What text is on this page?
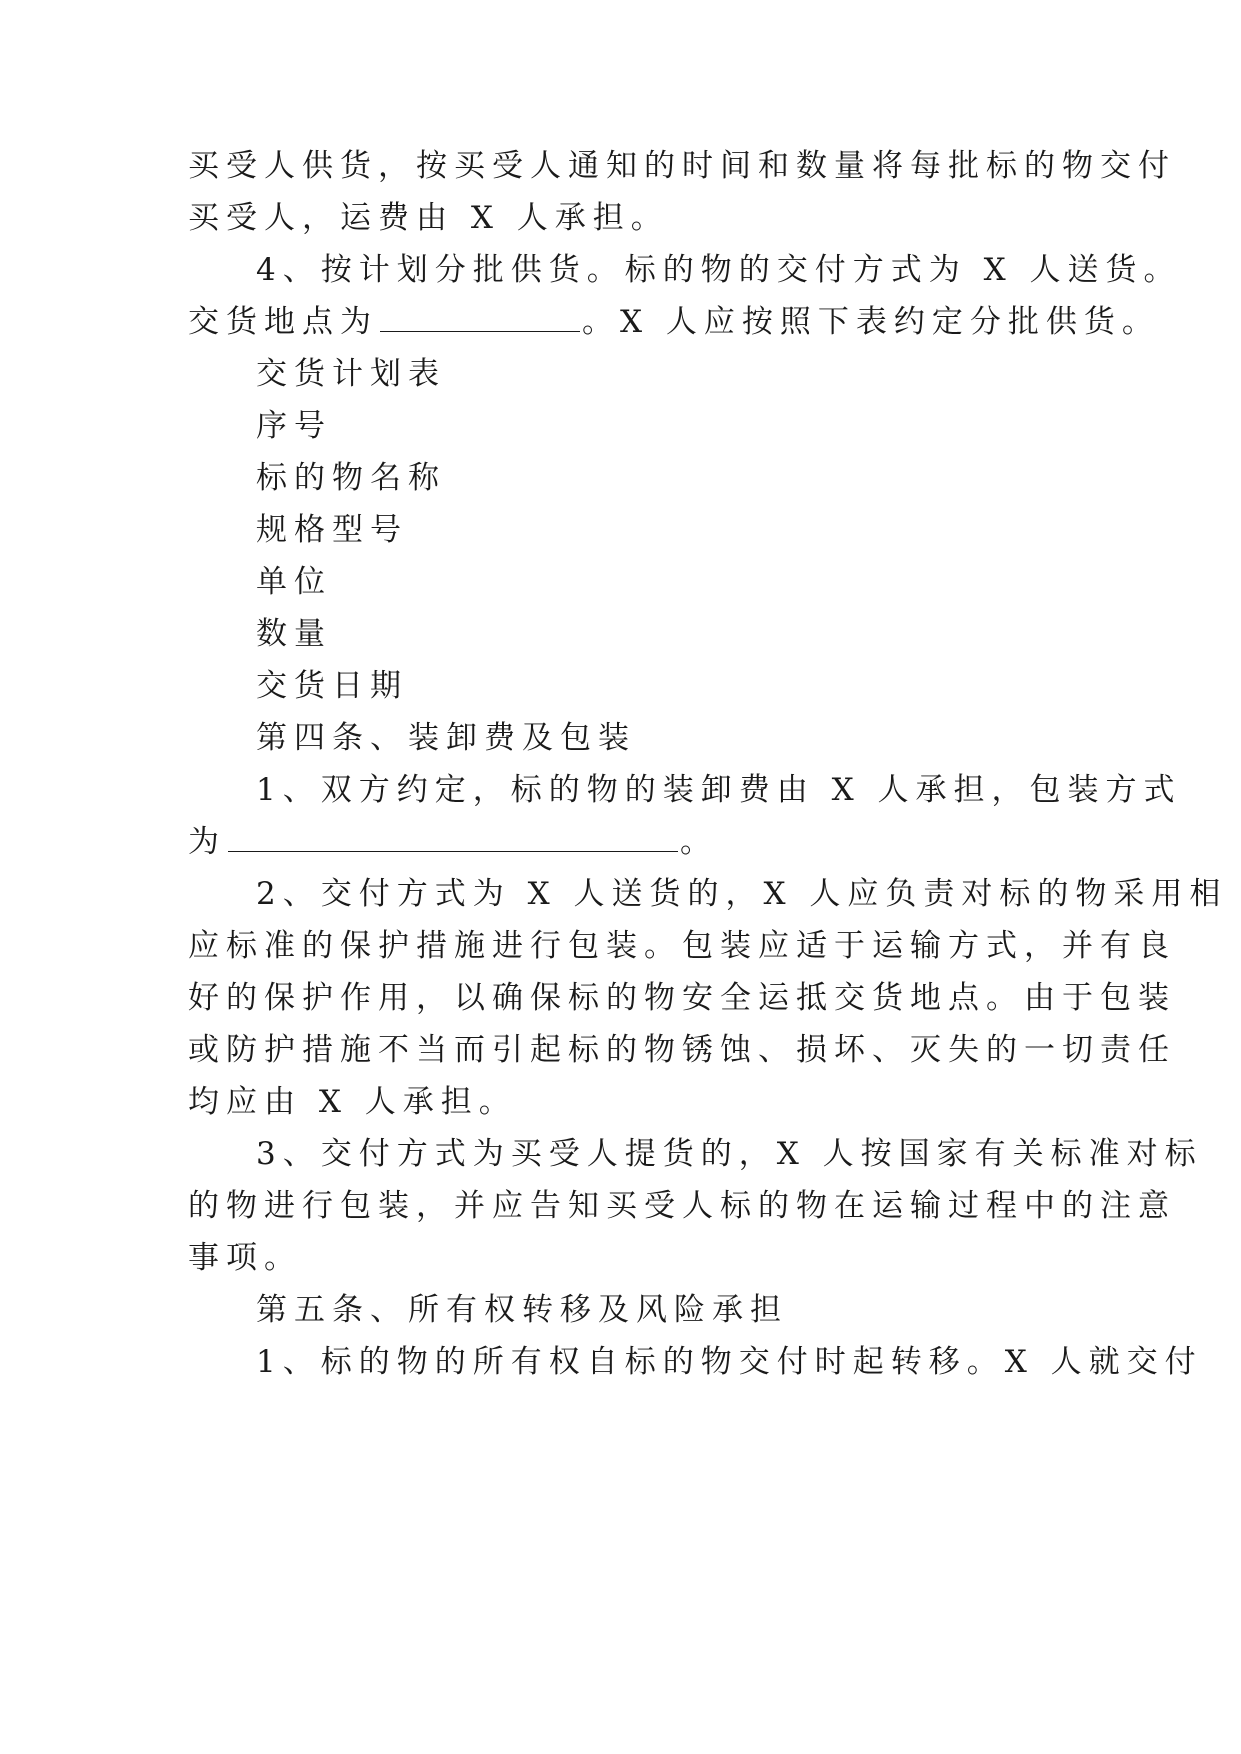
买受人供货，按买受人通知的时间和数量将每批标的物交付
买受人，运费由 X 人承担。
4、按计划分批供货。标的物的交付方式为 X 人送货。
交货地点为	。X 人应按照下表约定分批供货。
交货计划表
序号
标的物名称
规格型号
单位
数量
交货日期
第四条、装卸费及包装
1、双方约定，标的物的装卸费由 X 人承担，包装方式
为	。
2、交付方式为 X 人送货的，X 人应负责对标的物采用相
应标准的保护措施进行包装。包装应适于运输方式，并有良
好的保护作用，以确保标的物安全运抵交货地点。由于包装
或防护措施不当而引起标的物锈蚀、损坏、灭失的一切责任
均应由 X 人承担。
3、交付方式为买受人提货的，X 人按国家有关标准对标
的物进行包装，并应告知买受人标的物在运输过程中的注意
事项。
第五条、所有权转移及风险承担
1、标的物的所有权自标的物交付时起转移。X 人就交付
